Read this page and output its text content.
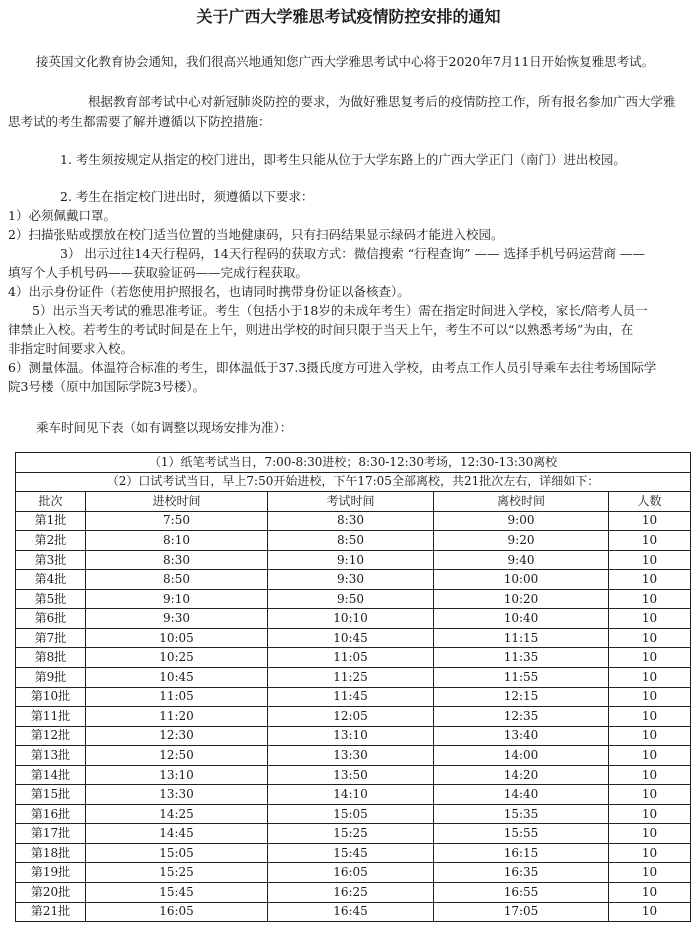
关于广西大学雅思考试疫情防控安排的通知
接英国文化教育协会通知，我们很高兴地通知您广西大学雅思考试中心将于2020年7月11日开始恢复雅思考试。
根据教育部考试中心对新冠肺炎防控的要求，为做好雅思复考后的疫情防控工作，所有报名参加广西大学雅
思考试的考生都需要了解并遵循以下防控措施：
1. 考生须按规定从指定的校门进出，即考生只能从位于大学东路上的广西大学正门（南门）进出校园。
2. 考生在指定校门进出时，须遵循以下要求：
1）必须佩戴口罩。
2）扫描张贴或摆放在校门适当位置的当地健康码，只有扫码结果显示绿码才能进入校园。
3） 出示过往14天行程码，14天行程码的获取方式：微信搜索 “行程查询” —— 选择手机号码运营商 ——
填写个人手机号码——获取验证码——完成行程获取。
4）出示身份证件（若您使用护照报名，也请同时携带身份证以备核查）。
5）出示当天考试的雅思准考证。考生（包括小于18岁的未成年考生）需在指定时间进入学校，家长/陪考人员一
律禁止入校。若考生的考试时间是在上午，则进出学校的时间只限于当天上午，考生不可以“以熟悉考场”为由，在
非指定时间要求入校。
6）测量体温。体温符合标准的考生，即体温低于37.3摄氏度方可进入学校，由考点工作人员引导乘车去往考场国际学
院3号楼（原中加国际学院3号楼）。
乘车时间见下表（如有调整以现场安排为准）：
（1）纸笔考试当日，7:00-8:30进校；8:30-12:30考场，12:30-13:30离校				
（2）口试考试当日，早上7:50开始进校，下午17:05全部离校，共21批次左右，详细如下：				
批次	进校时间	考试时间	离校时间	人数
第1批	7:50	8:30	9:00	10
第2批	8:10	8:50	9:20	10
第3批	8:30	9:10	9:40	10
第4批	8:50	9:30	10:00	10
第5批	9:10	9:50	10:20	10
第6批	9:30	10:10	10:40	10
第7批	10:05	10:45	11:15	10
第8批	10:25	11:05	11:35	10
第9批	10:45	11:25	11:55	10
第10批	11:05	11:45	12:15	10
第11批	11:20	12:05	12:35	10
第12批	12:30	13:10	13:40	10
第13批	12:50	13:30	14:00	10
第14批	13:10	13:50	14:20	10
第15批	13:30	14:10	14:40	10
第16批	14:25	15:05	15:35	10
第17批	14:45	15:25	15:55	10
第18批	15:05	15:45	16:15	10
第19批	15:25	16:05	16:35	10
第20批	15:45	16:25	16:55	10
第21批	16:05	16:45	17:05	10
